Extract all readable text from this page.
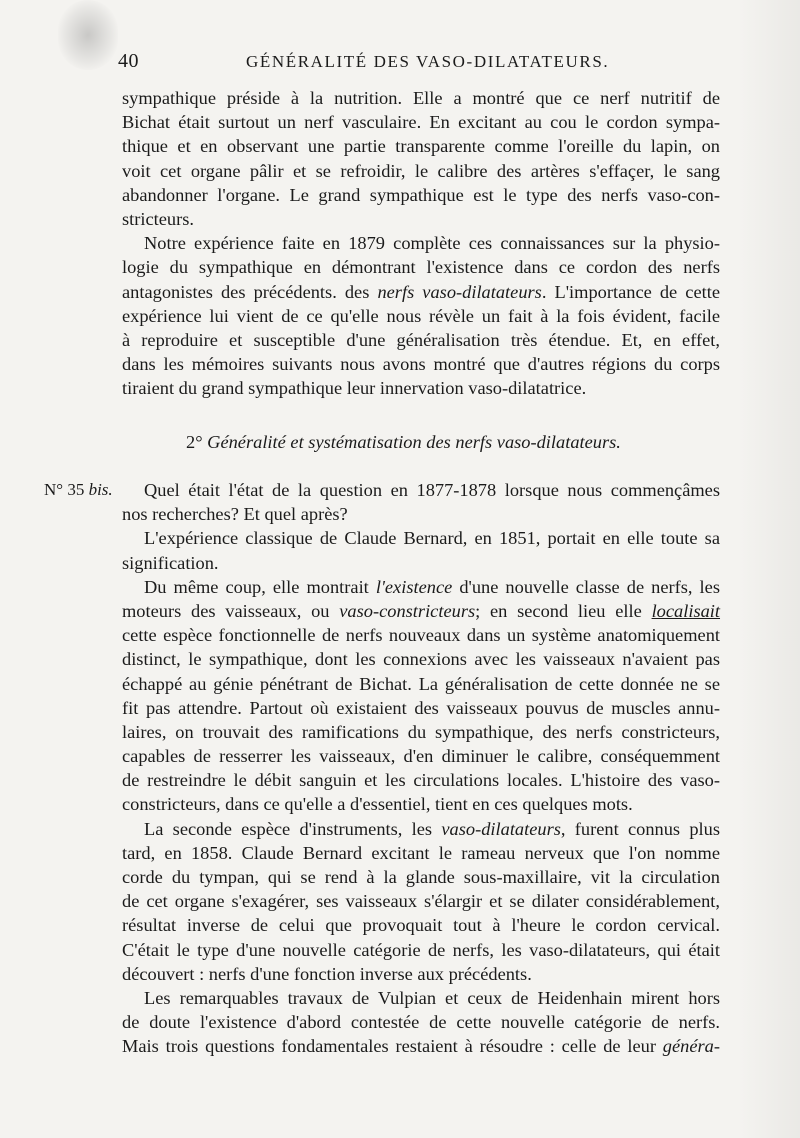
40	GÉNÉRALITÉ DES VASO-DILATATEURS.
sympathique préside à la nutrition. Elle a montré que ce nerf nutritif de
Bichat était surtout un nerf vasculaire. En excitant au cou le cordon sympa-
thique et en observant une partie transparente comme l'oreille du lapin, on
voit cet organe pâlir et se refroidir, le calibre des artères s'effaçer, le sang
abandonner l'organe. Le grand sympathique est le type des nerfs vaso-con-
stricteurs.
Notre expérience faite en 1879 complète ces connaissances sur la physio-
logie du sympathique en démontrant l'existence dans ce cordon des nerfs
antagonistes des précédents. des nerfs vaso-dilatateurs. L'importance de cette
expérience lui vient de ce qu'elle nous révèle un fait à la fois évident, facile
à reproduire et susceptible d'une généralisation très étendue. Et, en effet,
dans les mémoires suivants nous avons montré que d'autres régions du corps
tiraient du grand sympathique leur innervation vaso-dilatatrice.
2° Généralité et systématisation des nerfs vaso-dilatateurs.
N° 35 bis.	Quel était l'état de la question en 1877-1878 lorsque nous commençâmes
nos recherches? Et quel après?
L'expérience classique de Claude Bernard, en 1851, portait en elle toute sa
signification.
Du même coup, elle montrait l'existence d'une nouvelle classe de nerfs, les
moteurs des vaisseaux, ou vaso-constricteurs; en second lieu elle localisait
cette espèce fonctionnelle de nerfs nouveaux dans un système anatomiquement
distinct, le sympathique, dont les connexions avec les vaisseaux n'avaient pas
échappé au génie pénétrant de Bichat. La généralisation de cette donnée ne se
fit pas attendre. Partout où existaient des vaisseaux pouvus de muscles annu-
laires, on trouvait des ramifications du sympathique, des nerfs constricteurs,
capables de resserrer les vaisseaux, d'en diminuer le calibre, conséquemment
de restreindre le débit sanguin et les circulations locales. L'histoire des vaso-
constricteurs, dans ce qu'elle a d'essentiel, tient en ces quelques mots.
La seconde espèce d'instruments, les vaso-dilatateurs, furent connus plus
tard, en 1858. Claude Bernard excitant le rameau nerveux que l'on nomme
corde du tympan, qui se rend à la glande sous-maxillaire, vit la circulation
de cet organe s'exagérer, ses vaisseaux s'élargir et se dilater considérablement,
résultat inverse de celui que provoquait tout à l'heure le cordon cervical.
C'était le type d'une nouvelle catégorie de nerfs, les vaso-dilatateurs, qui était
découvert : nerfs d'une fonction inverse aux précédents.
Les remarquables travaux de Vulpian et ceux de Heidenhain mirent hors
de doute l'existence d'abord contestée de cette nouvelle catégorie de nerfs.
Mais trois questions fondamentales restaient à résoudre : celle de leur généra-
